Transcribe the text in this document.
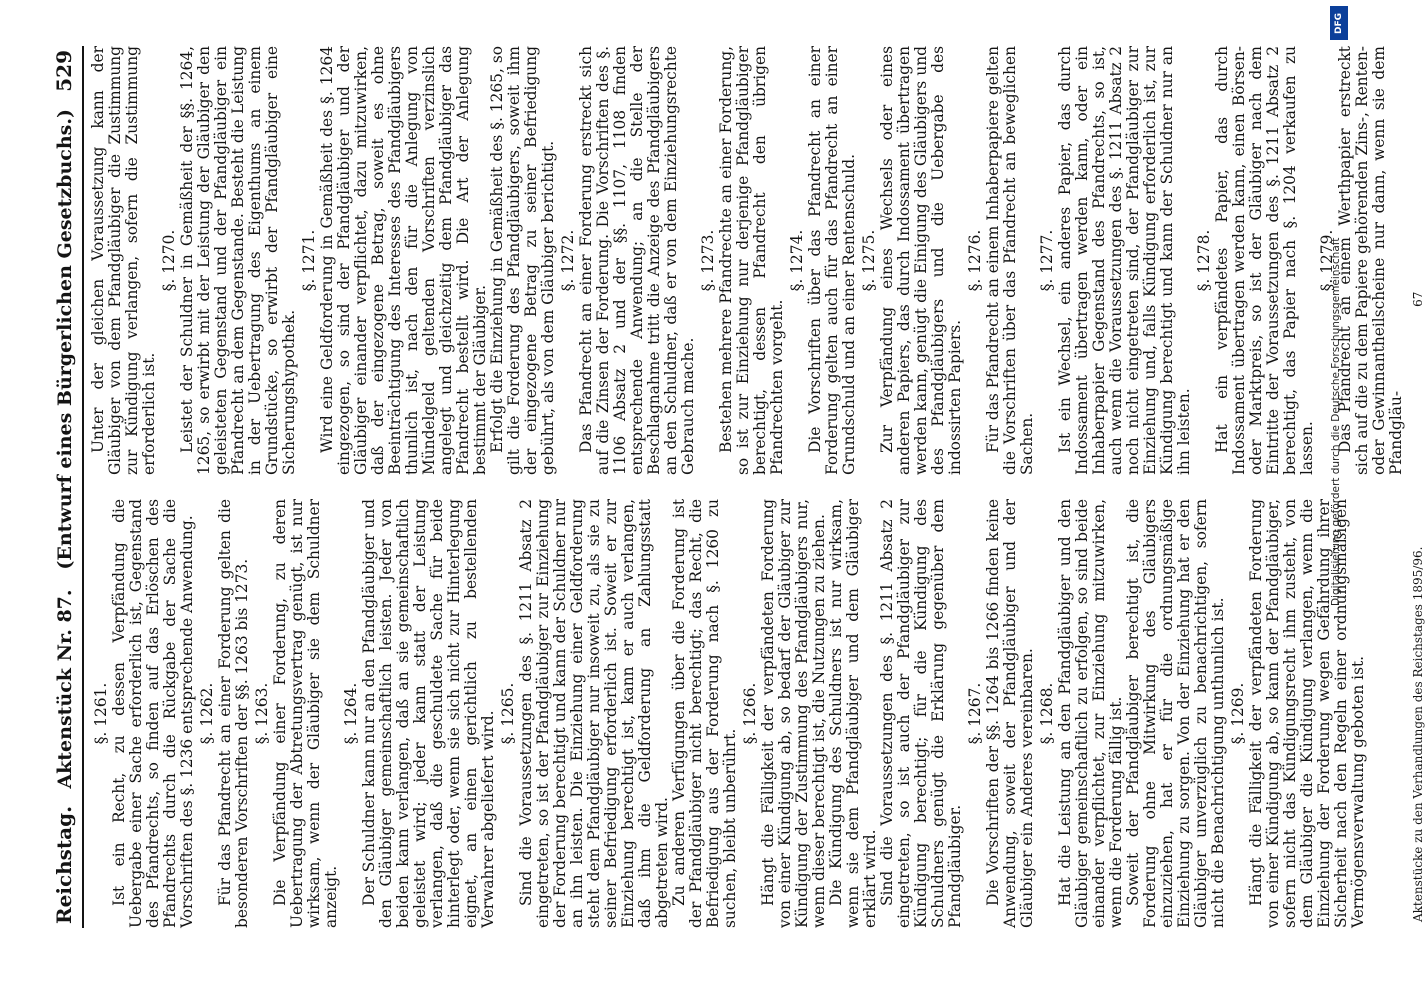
Reichstag.
Aktenstück Nr. 87.   (Entwurf eines Bürgerlichen Gesetzbuchs.)
529
§. 1261. Ist ein Recht, zu dessen Verpfändung die Uebergabe einer Sache erforderlich ist, Gegenstand des Pfandrechts, so finden auf das Erlöschen des Pfandrechts durch die Rückgabe der Sache die Vorschriften des §. 1236 entsprechende Anwendung. §. 1262. Für das Pfandrecht an einer Forderung gelten die besonderen Vorschriften der §§. 1263 bis 1273. §. 1263. Die Verpfändung einer Forderung, zu deren Uebertragung der Abtretungsvertrag genügt, ist nur wirksam, wenn der Gläubiger sie dem Schuldner anzeigt.

§. 1264. Der Schuldner kann nur an den Pfandgläubiger und den Gläubiger gemeinschaftlich leisten. Jeder von beiden kann verlangen, daß an sie gemeinschaftlich geleistet wird; jeder kann statt der Leistung verlangen, daß die geschuldete Sache für beide hinterlegt oder, wenn sie sich nicht zur Hinterlegung eignet, an einen gerichtlich zu bestellenden Verwahrer abgeliefert wird. §. 1265. Sind die Voraussetzungen des §. 1211 Absatz 2 eingetreten, so ist der Pfandgläubiger zur Einziehung der Forderung berechtigt und kann der Schuldner nur an ihn leisten. Die Einziehung einer Geldforderung steht dem Pfandgläubiger nur insoweit zu, als sie zu seiner Befriedigung erforderlich ist. Soweit er zur Einziehung berechtigt ist, kann er auch verlangen, daß ihm die Geldforderung an Zahlungsstatt abgetreten wird. Zu anderen Verfügungen über die Forderung ist der Pfandgläubiger nicht berechtigt; das Recht, die Befriedigung aus der Forderung nach §. 1260 zu suchen, bleibt unberührt.

§. 1266. Hängt die Fälligkeit der verpfändeten Forderung von einer Kündigung ab, so bedarf der Gläubiger zur Kündigung der Zustimmung des Pfandgläubigers nur, wenn dieser berechtigt ist, die Nutzungen zu ziehen. Die Kündigung des Schuldners ist nur wirksam, wenn sie dem Pfandgläubiger und dem Gläubiger erklärt wird. Sind die Voraussetzungen des §. 1211 Absatz 2 eingetreten, so ist auch der Pfandgläubiger zur Kündigung berechtigt; für die Kündigung des Schuldners genügt die Erklärung gegenüber dem Pfandgläubiger.

§. 1267. Die Vorschriften der §§. 1264 bis 1266 finden keine Anwendung, soweit der Pfandgläubiger und der Gläubiger ein Anderes vereinbaren. §. 1268. Hat die Leistung an den Pfandgläubiger und den Gläubiger gemeinschaftlich zu erfolgen, so sind beide einander verpflichtet, zur Einziehung mitzuwirken, wenn die Forderung fällig ist. Soweit der Pfandgläubiger berechtigt ist, die Forderung ohne Mitwirkung des Gläubigers einzuziehen, hat er für die ordnungsmäßige Einziehung zu sorgen. Von der Einziehung hat er den Gläubiger unverzüglich zu benachrichtigen, sofern nicht die Benachrichtigung unthunlich ist. §. 1269. Hängt die Fälligkeit der verpfändeten Forderung von einer Kündigung ab, so kann der Pfandgläubiger, sofern nicht das Kündigungsrecht ihm zusteht, von dem Gläubiger die Kündigung verlangen, wenn die Einziehung der Forderung wegen Gefährdung ihrer Sicherheit nach den Regeln einer ordnungsmäßigen Vermögensverwaltung geboten ist.

Unter der gleichen Voraussetzung kann der Gläubiger von dem Pfandgläubiger die Zustimmung zur Kündigung verlangen, sofern die Zustimmung erforderlich ist.

§. 1270. Leistet der Schuldner in Gemäßheit der §§. 1264, 1265, so erwirbt mit der Leistung der Gläubiger den geleisteten Gegenstand und der Pfandgläubiger ein Pfandrecht an dem Gegenstande. Besteht die Leistung in der Uebertragung des Eigenthums an einem Grundstücke, so erwirbt der Pfandgläubiger eine Sicherungshypothek.

§. 1271. Wird eine Geldforderung in Gemäßheit des §. 1264 eingezogen, so sind der Pfandgläubiger und der Gläubiger einander verpflichtet, dazu mitzuwirken, daß der eingezogene Betrag, soweit es ohne Beeinträchtigung des Interesses des Pfandgläubigers thunlich ist, nach den für die Anlegung von Mündelgeld geltenden Vorschriften verzinslich angelegt und gleichzeitig dem Pfandgläubiger das Pfandrecht bestellt wird. Die Art der Anlegung bestimmt der Gläubiger. Erfolgt die Einziehung in Gemäßheit des §. 1265, so gilt die Forderung des Pfandgläubigers, soweit ihm der eingezogene Betrag zu seiner Befriedigung gebührt, als von dem Gläubiger berichtigt. §. 1272. Das Pfandrecht an einer Forderung erstreckt sich auf die Zinsen der Forderung. Die Vorschriften des §. 1106 Absatz 2 und der §§. 1107, 1108 finden entsprechende Anwendung; an die Stelle der Beschlagnahme tritt die Anzeige des Pfandgläubigers an den Schuldner, daß er von dem Einziehungsrechte Gebrauch mache.

§. 1273. Bestehen mehrere Pfandrechte an einer Forderung, so ist zur Einziehung nur derjenige Pfandgläubiger berechtigt, dessen Pfandrecht den übrigen Pfandrechten vorgeht.

§. 1274. Die Vorschriften über das Pfandrecht an einer Forderung gelten auch für das Pfandrecht an einer Grundschuld und an einer Rentenschuld. §. 1275. Zur Verpfändung eines Wechsels oder eines anderen Papiers, das durch Indossament übertragen werden kann, genügt die Einigung des Gläubigers und des Pfandgläubigers und die Uebergabe des indossirten Papiers.

§. 1276. Für das Pfandrecht an einem Inhaberpapiere gelten die Vorschriften über das Pfandrecht an beweglichen Sachen.

§. 1277. Ist ein Wechsel, ein anderes Papier, das durch Indossament übertragen werden kann, oder ein Inhaberpapier Gegenstand des Pfandrechts, so ist, auch wenn die Voraussetzungen des §. 1211 Absatz 2 noch nicht eingetreten sind, der Pfandgläubiger zur Einziehung und, falls Kündigung erforderlich ist, zur Kündigung berechtigt und kann der Schuldner nur an ihn leisten.

§. 1278. Hat ein verpfändetes Papier, das durch Indossament übertragen werden kann, einen Börsen- oder Marktpreis, so ist der Gläubiger nach dem Eintritte der Voraussetzungen des §. 1211 Absatz 2 berechtigt, das Papier nach §. 1204 verkaufen zu lassen.

§. 1279. Das Pfandrecht an einem Werthpapier erstreckt sich auf die zu dem Papiere gehörenden Zins-, Renten- oder Gewinnantheilscheine nur dann, wenn sie dem Pfandgläu-

Aktenstücke zu den Verhandlungen des Reichstages 1895/96.
67
DFG
Digitalisierung gefördert durch die Deutsche Forschungsgemeinschaft
